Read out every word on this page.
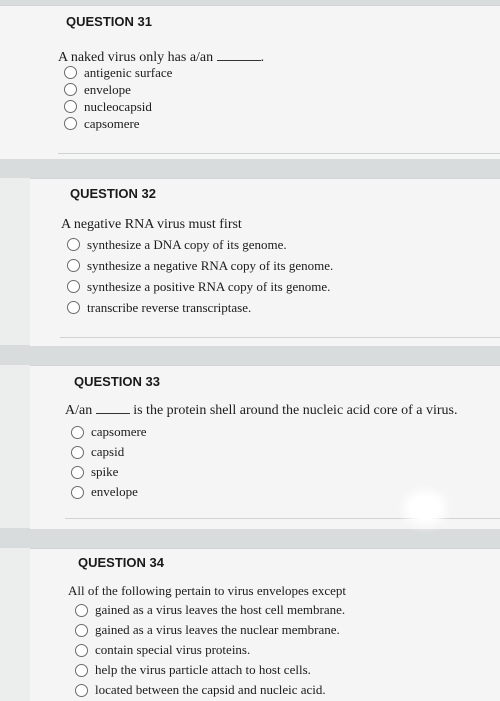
QUESTION 31
A naked virus only has a/an	.
antigenic surface
envelope
nucleocapsid
capsomere
QUESTION 32
A negative RNA virus must first
synthesize a DNA copy of its genome.
synthesize a negative RNA copy of its genome.
synthesize a positive RNA copy of its genome.
transcribe reverse transcriptase.
QUESTION 33
A/an	is the protein shell around the nucleic acid core of a virus.
capsomere
capsid
spike
envelope
QUESTION 34
All of the following pertain to virus envelopes except
gained as a virus leaves the host cell membrane.
gained as a virus leaves the nuclear membrane.
contain special virus proteins.
help the virus particle attach to host cells.
located between the capsid and nucleic acid.
